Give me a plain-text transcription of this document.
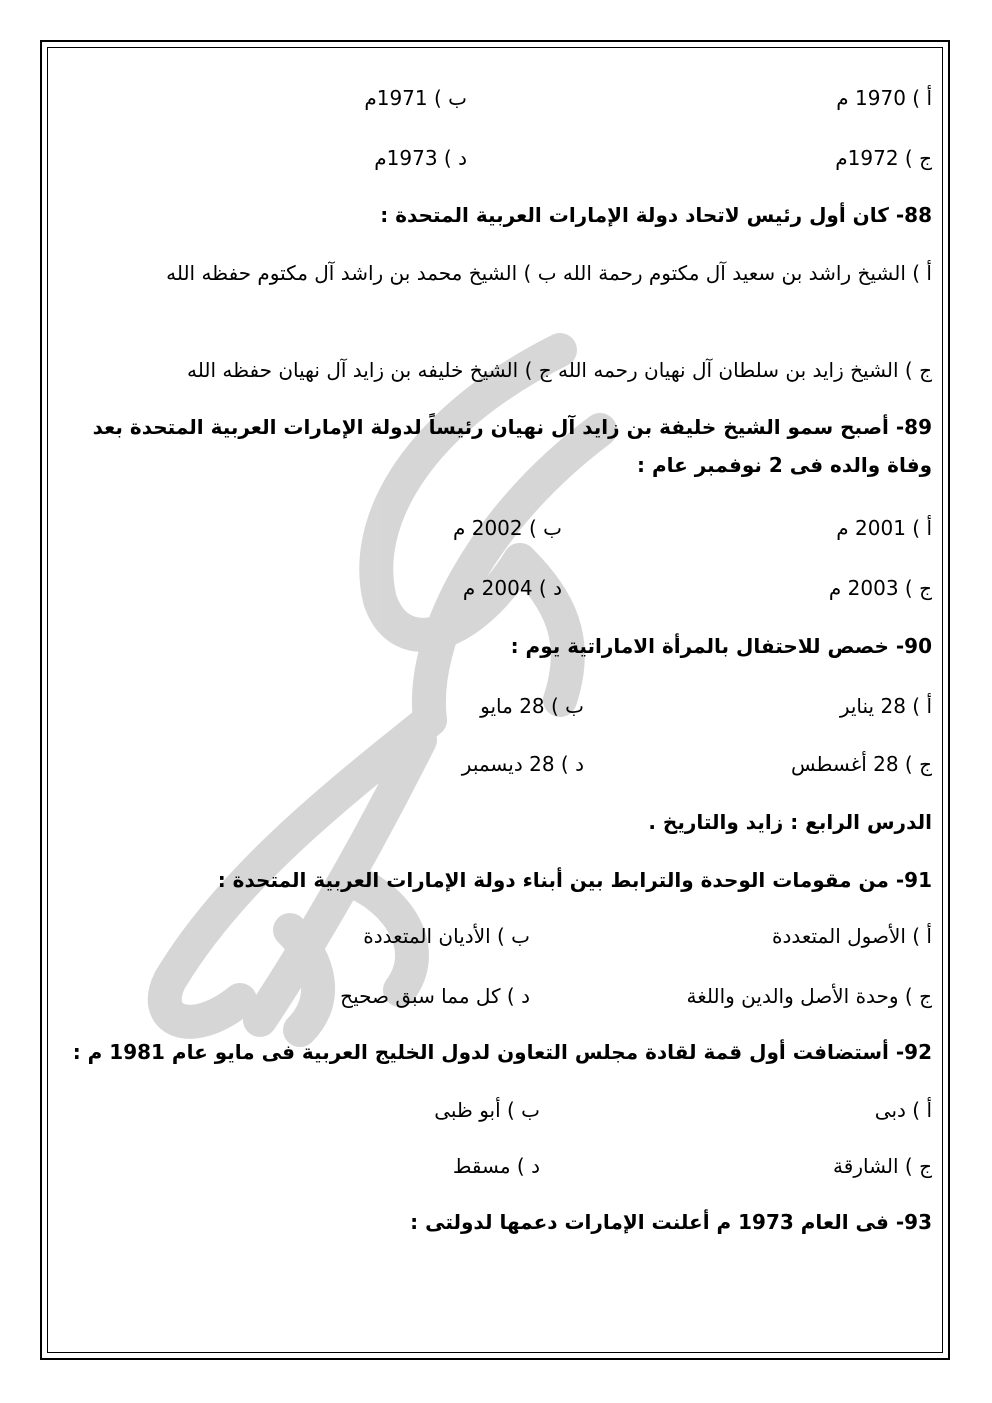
أ ) 1970 م
ب ) 1971م
ج ) 1972م
د ) 1973م
88- كان أول رئيس لاتحاد دولة الإمارات العربية المتحدة :
أ ) الشيخ راشد بن سعيد آل مكتوم رحمة الله ب ) الشيخ محمد بن راشد آل مكتوم حفظه الله
ج ) الشيخ زايد بن سلطان آل نهيان رحمه الله ج ) الشيخ خليفه بن زايد آل نهيان حفظه الله
89- أصبح سمو الشيخ خليفة بن زايد آل نهيان رئيساً لدولة الإمارات العربية المتحدة بعد وفاة والده فى 2 نوفمبر عام :
أ ) 2001 م
ب ) 2002 م
ج ) 2003 م
د ) 2004 م
90- خصص للاحتفال بالمرأة الاماراتية يوم :
أ ) 28 يناير
ب ) 28 مايو
ج ) 28 أغسطس
د ) 28 ديسمبر
الدرس الرابع : زايد والتاريخ .
91- من مقومات الوحدة والترابط بين أبناء دولة الإمارات العربية المتحدة :
أ ) الأصول المتعددة
ب ) الأديان المتعددة
ج ) وحدة الأصل والدين واللغة
د ) كل مما سبق صحيح
92- أستضافت أول قمة لقادة مجلس التعاون لدول الخليج العربية فى مايو عام 1981 م :
أ ) دبى
ب ) أبو ظبى
ج ) الشارقة
د ) مسقط
93- فى العام 1973 م أعلنت الإمارات دعمها لدولتى :
